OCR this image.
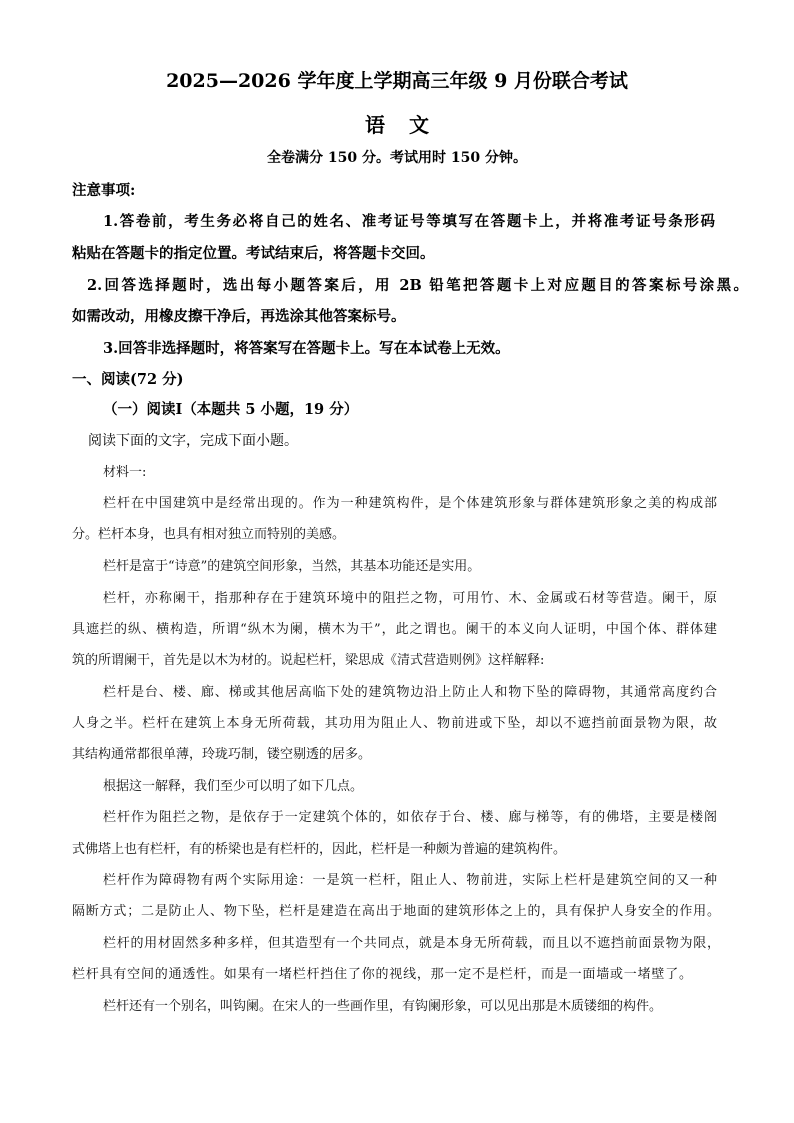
2025—2026 学年度上学期高三年级 9 月份联合考试
语文
全卷满分 150 分。考试用时 150 分钟。
注意事项:
1.答卷前，考生务必将自己的姓名、准考证号等填写在答题卡上，并将准考证号条形码
粘贴在答题卡的指定位置。考试结束后，将答题卡交回。
2.回答选择题时，选出每小题答案后，用 2B 铅笔把答题卡上对应题目的答案标号涂黑。
如需改动，用橡皮擦干净后，再选涂其他答案标号。
3.回答非选择题时，将答案写在答题卡上。写在本试卷上无效。
一、阅读(72 分)
（一）阅读Ⅰ（本题共 5 小题，19 分）
阅读下面的文字，完成下面小题。
材料一:
栏杆在中国建筑中是经常出现的。作为一种建筑构件，是个体建筑形象与群体建筑形象之美的构成部
分。栏杆本身，也具有相对独立而特别的美感。
栏杆是富于“诗意”的建筑空间形象，当然，其基本功能还是实用。
栏杆，亦称阑干，指那种存在于建筑环境中的阻拦之物，可用竹、木、金属或石材等营造。阑干，原
具遮拦的纵、横构造，所谓“纵木为阑，横木为干”，此之谓也。阑干的本义向人证明，中国个体、群体建
筑的所谓阑干，首先是以木为材的。说起栏杆，梁思成《清式营造则例》这样解释:
栏杆是台、楼、廊、梯或其他居高临下处的建筑物边沿上防止人和物下坠的障碍物，其通常高度约合
人身之半。栏杆在建筑上本身无所荷载，其功用为阻止人、物前进或下坠，却以不遮挡前面景物为限，故
其结构通常都很单薄，玲珑巧制，镂空剔透的居多。
根据这一解释，我们至少可以明了如下几点。
栏杆作为阻拦之物，是依存于一定建筑个体的，如依存于台、楼、廊与梯等，有的佛塔，主要是楼阁
式佛塔上也有栏杆，有的桥梁也是有栏杆的，因此，栏杆是一种颇为普遍的建筑构件。
栏杆作为障碍物有两个实际用途：一是筑一栏杆，阻止人、物前进，实际上栏杆是建筑空间的又一种
隔断方式；二是防止人、物下坠，栏杆是建造在高出于地面的建筑形体之上的，具有保护人身安全的作用。
栏杆的用材固然多种多样，但其造型有一个共同点，就是本身无所荷载，而且以不遮挡前面景物为限，
栏杆具有空间的通透性。如果有一堵栏杆挡住了你的视线，那一定不是栏杆，而是一面墙或一堵壁了。
栏杆还有一个别名，叫钩阑。在宋人的一些画作里，有钩阑形象，可以见出那是木质镂细的构件。
